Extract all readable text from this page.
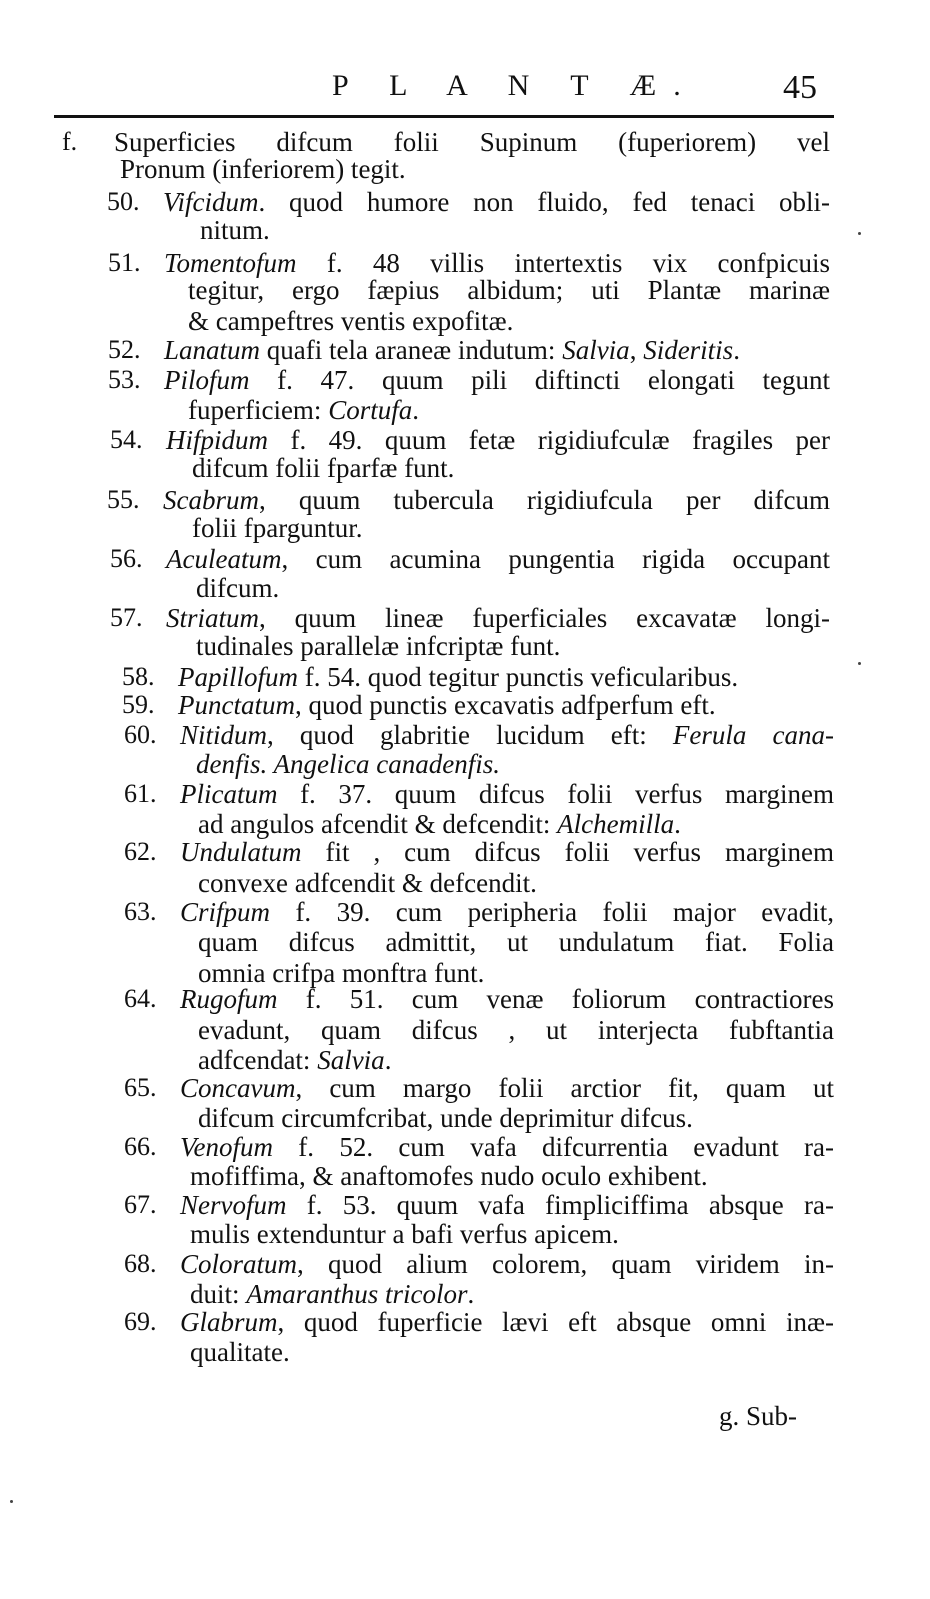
P L A N T Æ.	45
f. Superficies difcum folii Supinum (fuperiorem) vel
Pronum (inferiorem) tegit.
50. Vifcidum. quod humore non fluido, fed tenaci obli-
nitum.
51. Tomentofum f. 48 villis intertextis vix confpicuis
tegitur, ergo fæpius albidum; uti Plantæ marinæ
& campeftres ventis expofitæ.
52. Lanatum quafi tela araneæ indutum: Salvia, Sideritis.
53. Pilofum f. 47. quum pili diftincti elongati tegunt
fuperficiem: Cortufa.
54. Hifpidum f. 49. quum fetæ rigidiufculæ fragiles per
difcum folii fparfæ funt.
55. Scabrum, quum tubercula rigidiufcula per difcum
folii fparguntur.
56. Aculeatum, cum acumina pungentia rigida occupant
difcum.
57. Striatum, quum lineæ fuperficiales excavatæ longi-
tudinales parallelæ infcriptæ funt.
58. Papillofum f. 54. quod tegitur punctis veficularibus.
59. Punctatum, quod punctis excavatis adfperfum eft.
60. Nitidum, quod glabritie lucidum eft: Ferula cana-
denfis. Angelica canadenfis.
61. Plicatum f. 37. quum difcus folii verfus marginem
ad angulos afcendit & defcendit: Alchemilla.
62. Undulatum fit , cum difcus folii verfus marginem
convexe adfcendit & defcendit.
63. Crifpum f. 39. cum peripheria folii major evadit,
quam difcus admittit, ut undulatum fiat. Folia
omnia crifpa monftra funt.
64. Rugofum f. 51. cum venæ foliorum contractiores
evadunt, quam difcus , ut interjecta fubftantia
adfcendat: Salvia.
65. Concavum, cum margo folii arctior fit, quam ut
difcum circumfcribat, unde deprimitur difcus.
66. Venofum f. 52. cum vafa difcurrentia evadunt ra-
mofiffima, & anaftomofes nudo oculo exhibent.
67. Nervofum f. 53. quum vafa fimpliciffima absque ra-
mulis extenduntur a bafi verfus apicem.
68. Coloratum, quod alium colorem, quam viridem in-
duit: Amaranthus tricolor.
69. Glabrum, quod fuperficie lævi eft absque omni inæ-
qualitate.
g. Sub-
